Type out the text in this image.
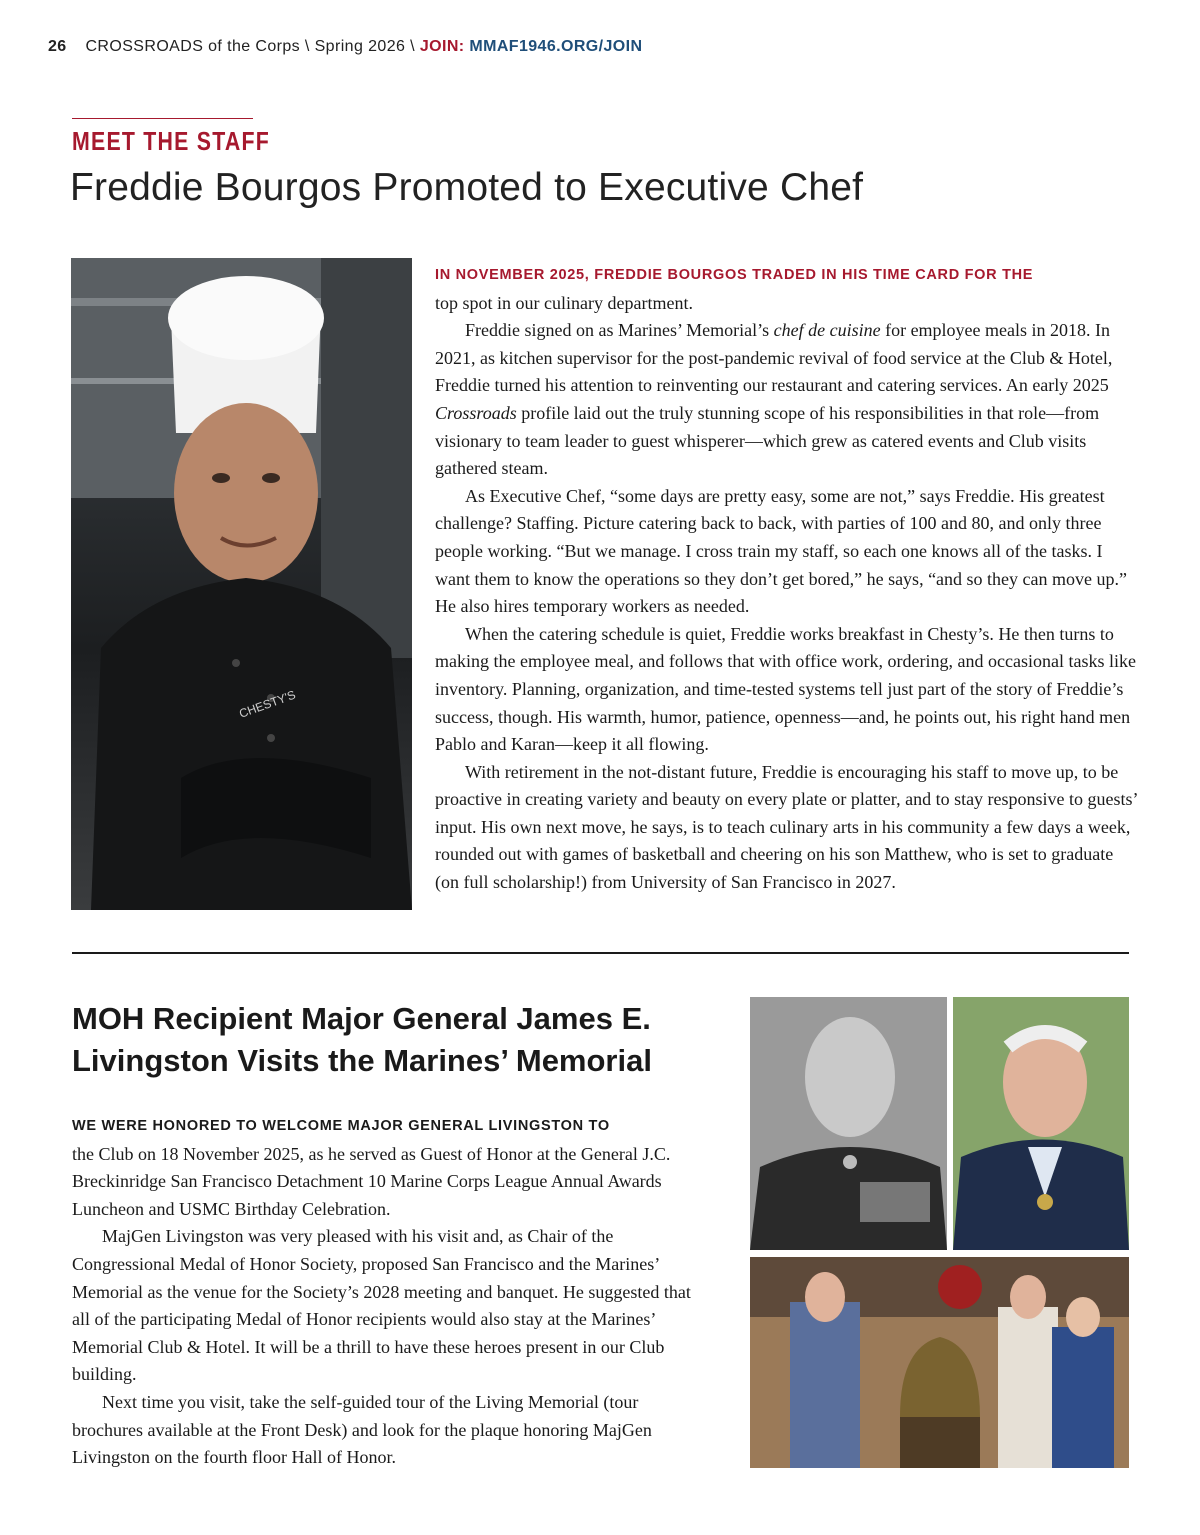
26 CROSSROADS of the Corps \ Spring 2026 \ JOIN: MMAF1946.ORG/JOIN
MEET THE STAFF
Freddie Bourgos Promoted to Executive Chef
CHESTY'S

IN NOVEMBER 2025, FREDDIE BOURGOS TRADED IN HIS TIME CARD FOR THE
top spot in our culinary department.

Freddie signed on as Marines’ Memorial’s chef de cuisine for employee meals in 2018. In 2021, as kitchen supervisor for the post-pandemic revival of food service at the Club & Hotel, Freddie turned his attention to reinventing our restaurant and catering services. An early 2025 Crossroads profile laid out the truly stunning scope of his responsibilities in that role—from visionary to team leader to guest whisperer—which grew as catered events and Club visits gathered steam.

As Executive Chef, “some days are pretty easy, some are not,” says Freddie. His greatest challenge? Staffing. Picture catering back to back, with parties of 100 and 80, and only three people working. “But we manage. I cross train my staff, so each one knows all of the tasks. I want them to know the operations so they don’t get bored,” he says, “and so they can move up.” He also hires temporary workers as needed.

When the catering schedule is quiet, Freddie works breakfast in Chesty’s. He then turns to making the employee meal, and follows that with office work, ordering, and occasional tasks like inventory. Planning, organization, and time-tested systems tell just part of the story of Freddie’s success, though. His warmth, humor, patience, openness—and, he points out, his right hand men Pablo and Karan—keep it all flowing.

With retirement in the not-distant future, Freddie is encouraging his staff to move up, to be proactive in creating variety and beauty on every plate or platter, and to stay responsive to guests’ input. His own next move, he says, is to teach culinary arts in his community a few days a week, rounded out with games of basketball and cheering on his son Matthew, who is set to graduate (on full scholarship!) from University of San Francisco in 2027.

MOH Recipient Major General James E. Livingston Visits the Marines’ Memorial

WE WERE HONORED TO WELCOME MAJOR GENERAL LIVINGSTON TO
the Club on 18 November 2025, as he served as Guest of Honor at the General J.C. Breckinridge San Francisco Detachment 10 Marine Corps League Annual Awards Luncheon and USMC Birthday Celebration.

MajGen Livingston was very pleased with his visit and, as Chair of the Congressional Medal of Honor Society, proposed San Francisco and the Marines’ Memorial as the venue for the Society’s 2028 meeting and banquet. He suggested that all of the participating Medal of Honor recipients would also stay at the Marines’ Memorial Club & Hotel. It will be a thrill to have these heroes present in our Club building.

Next time you visit, take the self-guided tour of the Living Memorial (tour brochures available at the Front Desk) and look for the plaque honoring MajGen Livingston on the fourth floor Hall of Honor.
